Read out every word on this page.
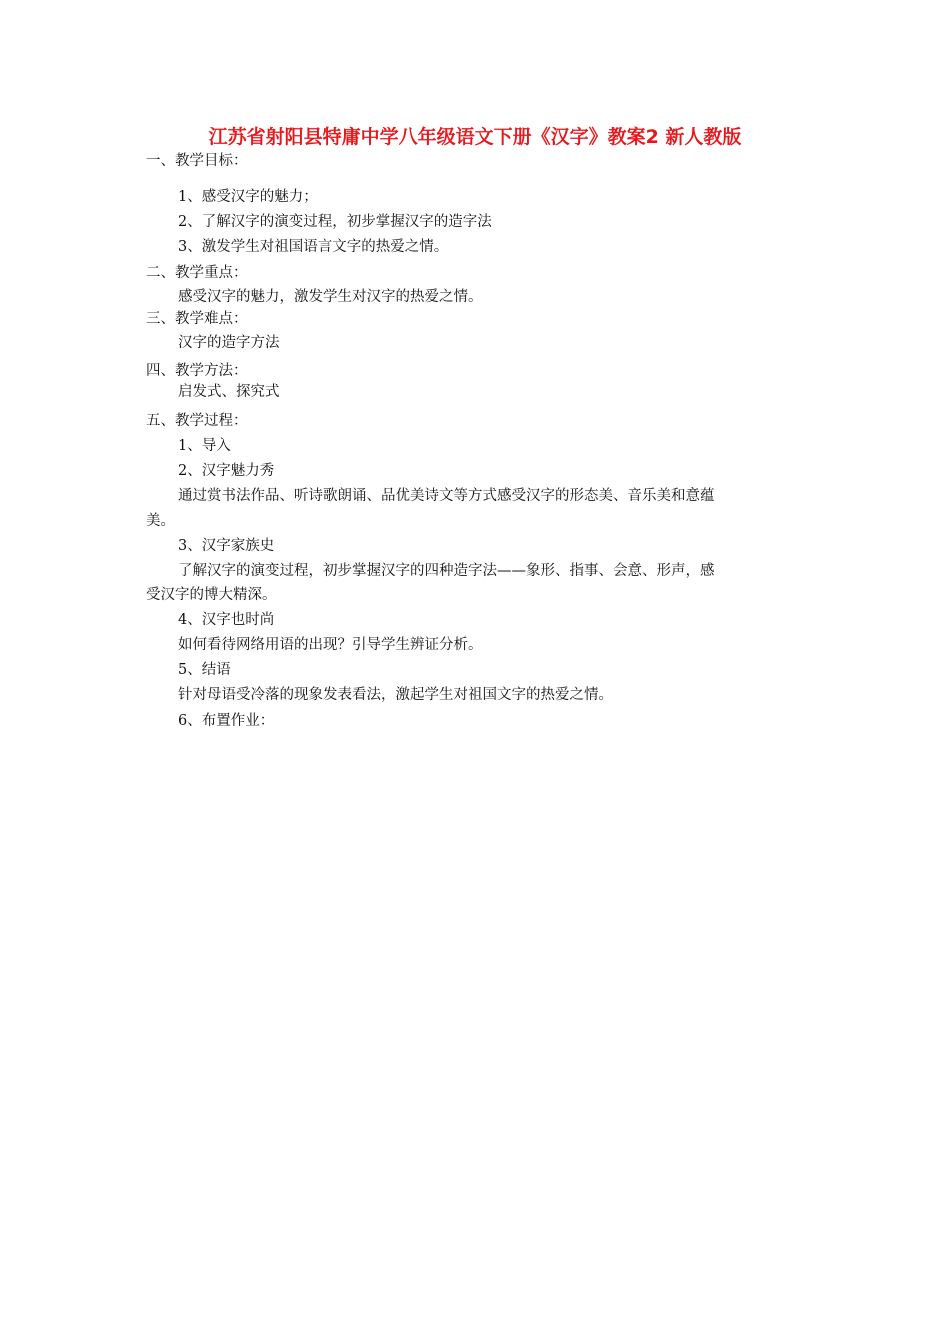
江苏省射阳县特庸中学八年级语文下册《汉字》教案2 新人教版
一、教学目标：
1、感受汉字的魅力；
2、了解汉字的演变过程，初步掌握汉字的造字法
3、激发学生对祖国语言文字的热爱之情。
二、教学重点：
感受汉字的魅力，激发学生对汉字的热爱之情。
三、教学难点：
汉字的造字方法
四、教学方法：
启发式、探究式
五、教学过程：
1、导入
2、汉字魅力秀
通过赏书法作品、听诗歌朗诵、品优美诗文等方式感受汉字的形态美、音乐美和意蕴
美。
3、汉字家族史
了解汉字的演变过程，初步掌握汉字的四种造字法——象形、指事、会意、形声，感
受汉字的博大精深。
4、汉字也时尚
如何看待网络用语的出现？引导学生辨证分析。
5、结语
针对母语受冷落的现象发表看法，激起学生对祖国文字的热爱之情。
6、布置作业：
